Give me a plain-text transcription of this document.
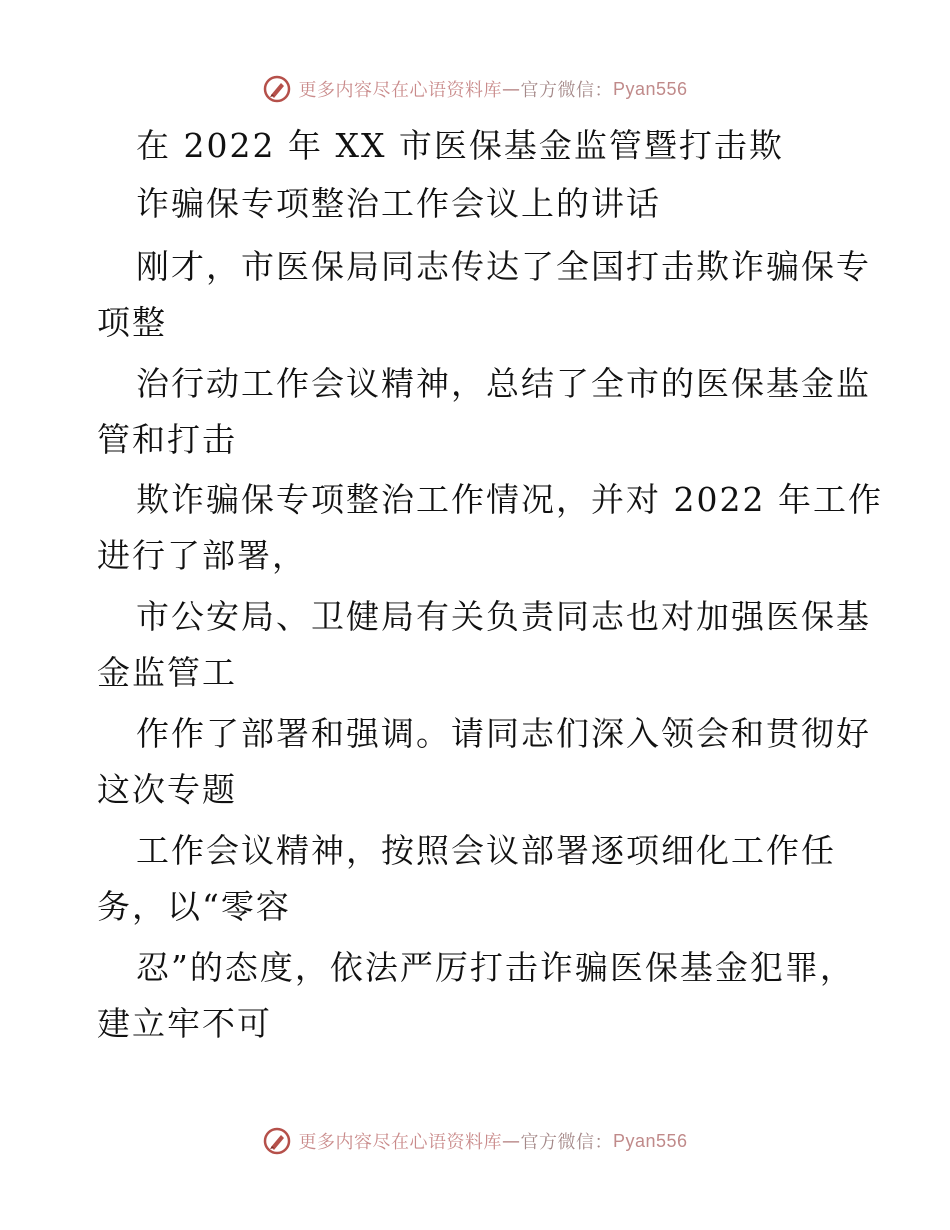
更多内容尽在心语资料库 — 官方微信： Pyan556
在 2022 年 XX 市医保基金监管暨打击欺
诈骗保专项整治工作会议上的讲话
刚才，市医保局同志传达了全国打击欺诈骗保专
项整
治行动工作会议精神，总结了全市的医保基金监
管和打击
欺诈骗保专项整治工作情况，并对 2022 年工作
进行了部署，
市公安局、卫健局有关负责同志也对加强医保基
金监管工
作作了部署和强调。请同志们深入领会和贯彻好
这次专题
工作会议精神，按照会议部署逐项细化工作任
务，以“零容
忍”的态度，依法严厉打击诈骗医保基金犯罪，
建立牢不可
更多内容尽在心语资料库 — 官方微信： Pyan556
